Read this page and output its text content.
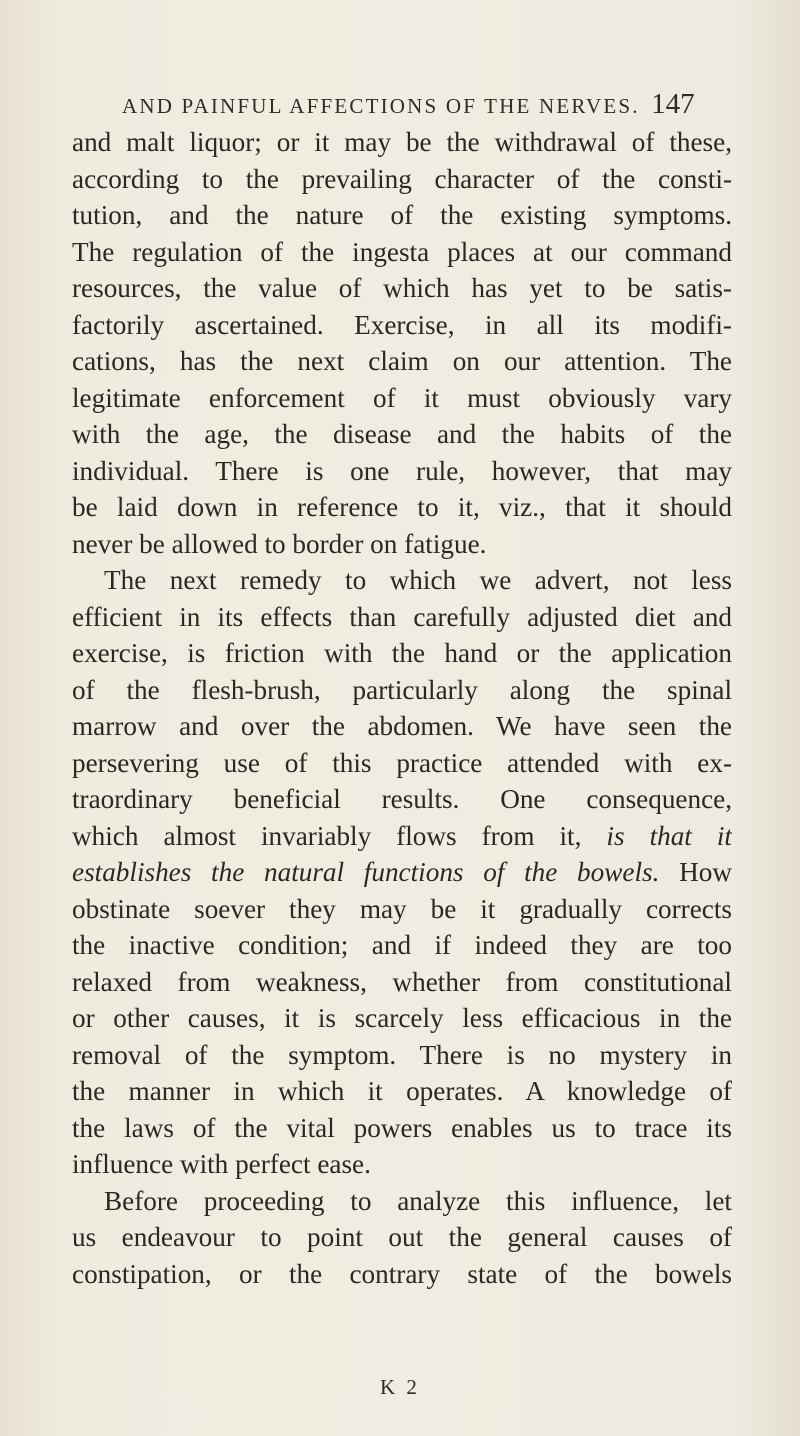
AND PAINFUL AFFECTIONS OF THE NERVES. 147
and malt liquor; or it may be the withdrawal of these,
according to the prevailing character of the consti-
tution, and the nature of the existing symptoms.
The regulation of the ingesta places at our command
resources, the value of which has yet to be satis-
factorily ascertained. Exercise, in all its modifi-
cations, has the next claim on our attention. The
legitimate enforcement of it must obviously vary
with the age, the disease and the habits of the
individual. There is one rule, however, that may
be laid down in reference to it, viz., that it should
never be allowed to border on fatigue.
The next remedy to which we advert, not less
efficient in its effects than carefully adjusted diet and
exercise, is friction with the hand or the application
of the flesh-brush, particularly along the spinal
marrow and over the abdomen. We have seen the
persevering use of this practice attended with ex-
traordinary beneficial results. One consequence,
which almost invariably flows from it, is that it
establishes the natural functions of the bowels. How
obstinate soever they may be it gradually corrects
the inactive condition; and if indeed they are too
relaxed from weakness, whether from constitutional
or other causes, it is scarcely less efficacious in the
removal of the symptom. There is no mystery in
the manner in which it operates. A knowledge of
the laws of the vital powers enables us to trace its
influence with perfect ease.
Before proceeding to analyze this influence, let
us endeavour to point out the general causes of
constipation, or the contrary state of the bowels
K 2
